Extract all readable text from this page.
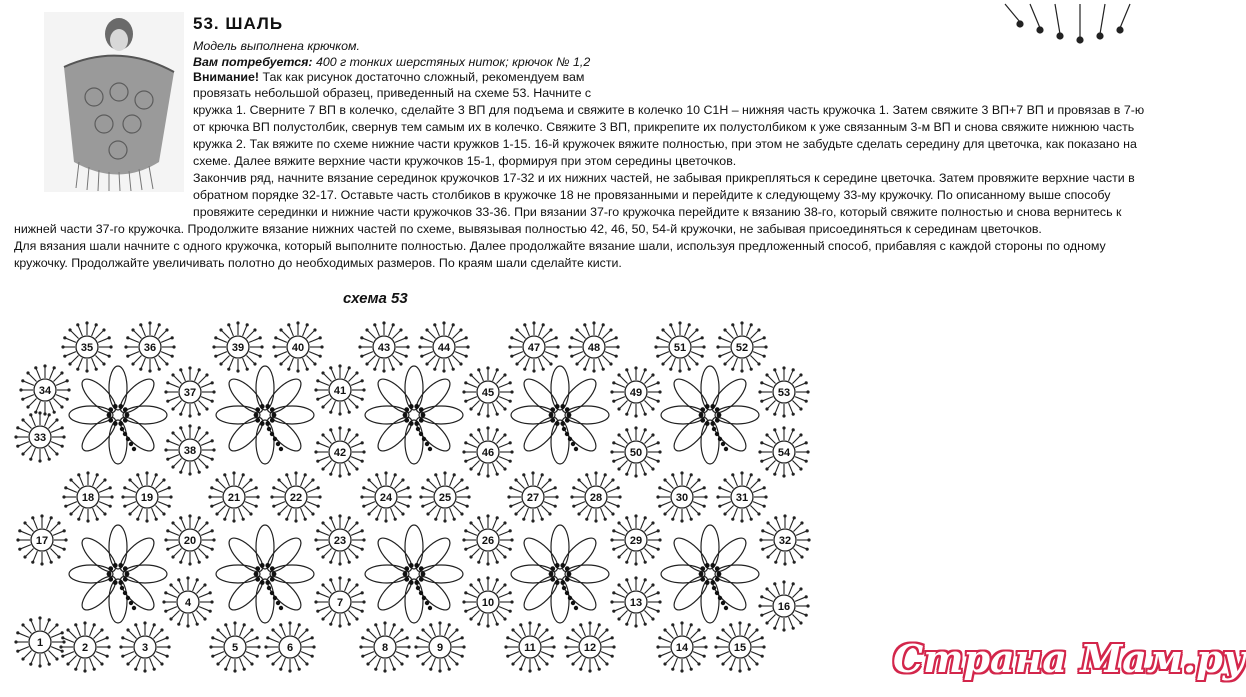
53. ШАЛЬ

Модель выполнена крючком.

Вам потребуется: 400 г тонких шерстяных ниток; крючок № 1,2

Внимание! Так как рисунок достаточно сложный, рекомендуем вам

провязать небольшой образец, приведенный на схеме 53. Начните с

кружка 1. Сверните 7 ВП в колечко, сделайте 3 ВП для подъема и свяжите в колечко 10 С1Н – нижняя часть кружочка 1. Затем свяжите 3 ВП+7 ВП и провязав в 7-ю

от крючка ВП полустолбик, свернув тем самым их в колечко. Свяжите 3 ВП, прикрепите их полустолбиком к уже связанным 3-м ВП и снова свяжите нижнюю часть

кружка 2. Так вяжите по схеме нижние части кружков 1-15. 16-й кружочек вяжите полностью, при этом не забудьте сделать середину для цветочка, как показано на

схеме. Далее вяжите верхние части кружочков 15-1, формируя при этом середины цветочков.

Закончив ряд, начните вязание серединок кружочков 17-32 и их нижних частей, не забывая прикрепляться к середине цветочка. Затем провяжите верхние части в

обратном порядке 32-17. Оставьте часть столбиков в кружочке 18 не провязанными и перейдите к следующему 33-му кружочку. По описанному выше способу

провяжите серединки и нижние части кружочков 33-36. При вязании 37-го кружочка перейдите к вязанию 38-го, который свяжите полностью и снова вернитесь к

нижней части 37-го кружочка. Продолжите вязание нижних частей по схеме, вывязывая полностью 42, 46, 50, 54-й кружочки, не забывая присоединяться к серединам цветочков.

Для вязания шали начните с одного кружочка, который выполните полностью. Далее продолжайте вязание шали, используя предложенный способ, прибавляя с каждой стороны по одному

кружочку. Продолжайте увеличивать полотно до необходимых размеров. По краям шали сделайте кисти.

схема 53

1	2	3
4
5	6
7
8	9
10
11	12
13
14	15
16
17
18	19
20
21	22
23
24	25
26
27	28
29
30	31
32
33
34
35	36
37
38
39	40
41
42
43	44
45
46
47	48
49
50
51	52
53
54

Страна Мам.ру
